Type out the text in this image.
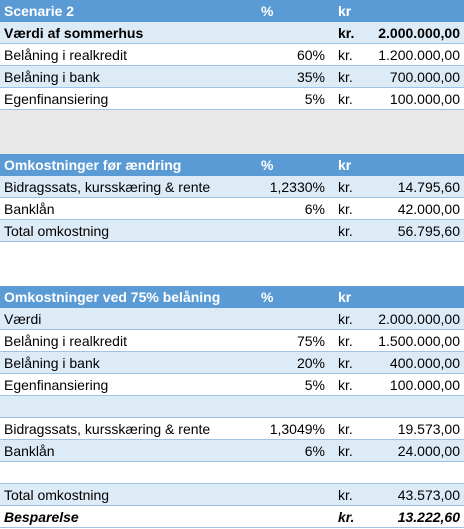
Scenarie 2	%	kr
Værdi af sommerhus	kr.	2.000.000,00
Belåning i realkredit	60% kr.	1.200.000,00
Belåning i bank	35% kr.	700.000,00
Egenfinansiering	5% kr.	100.000,00
Omkostninger før ændring	%	kr
Bidragssats, kursskæring & rente	1,2330% kr.	14.795,60
Banklån	6% kr.	42.000,00
Total omkostning	kr.	56.795,60
Omkostninger ved 75% belåning	%	kr
Værdi	kr.	2.000.000,00
Belåning i realkredit	75% kr.	1.500.000,00
Belåning i bank	20% kr.	400.000,00
Egenfinansiering	5% kr.	100.000,00
Bidragssats, kursskæring & rente	1,3049% kr.	19.573,00
Banklån	6% kr.	24.000,00
Total omkostning	kr.	43.573,00
Besparelse	kr.	13.222,60
